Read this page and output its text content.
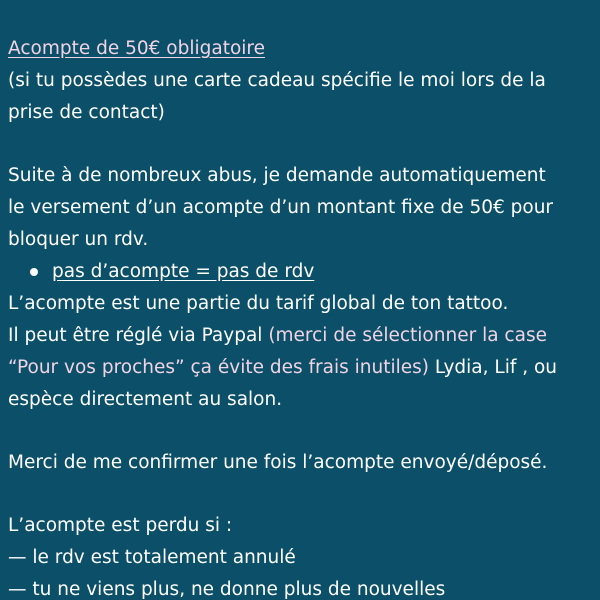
Acompte de 50€ obligatoire
(si tu possèdes une carte cadeau spécifie le moi lors de la
prise de contact)
Suite à de nombreux abus, je demande automatiquement
le versement d’un acompte d’un montant fixe de 50€ pour
bloquer un rdv.
pas d’acompte = pas de rdv
L’acompte est une partie du tarif global de ton tattoo.
Il peut être réglé via Paypal (merci de sélectionner la case
“Pour vos proches” ça évite des frais inutiles) Lydia, Lif , ou
espèce directement au salon.
Merci de me confirmer une fois l’acompte envoyé/déposé.
L’acompte est perdu si :
— le rdv est totalement annulé
— tu ne viens plus, ne donne plus de nouvelles
